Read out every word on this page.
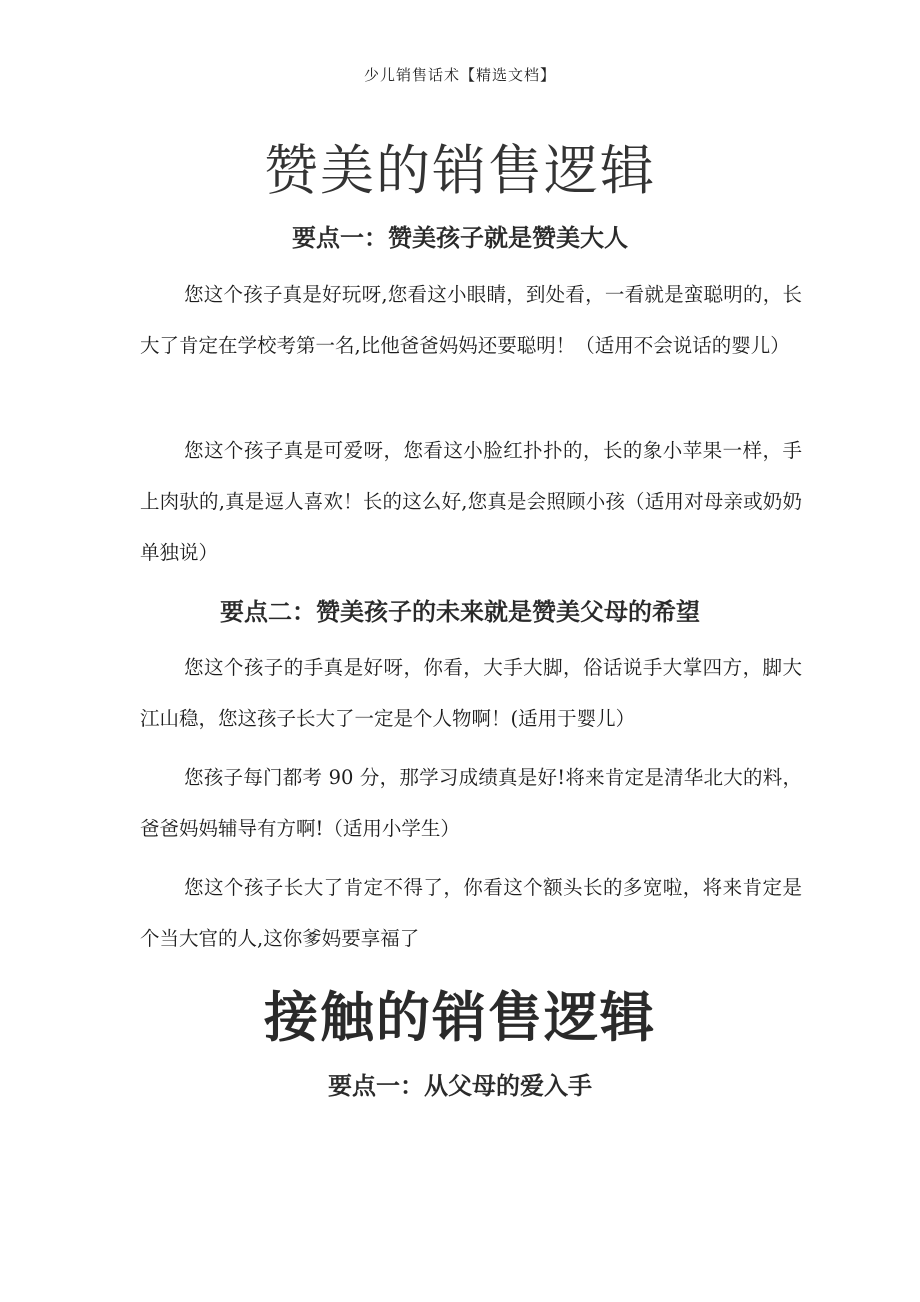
少儿销售话术【精选文档】
赞美的销售逻辑
要点一：赞美孩子就是赞美大人

您这个孩子真是好玩呀,您看这小眼睛，到处看，一看就是蛮聪明的，长大了肯定在学校考第一名,比他爸爸妈妈还要聪明！（适用不会说话的婴儿）

您这个孩子真是可爱呀，您看这小脸红扑扑的，长的象小苹果一样，手上肉驮的,真是逗人喜欢！长的这么好,您真是会照顾小孩（适用对母亲或奶奶单独说）

要点二：赞美孩子的未来就是赞美父母的希望

您这个孩子的手真是好呀，你看，大手大脚，俗话说手大掌四方，脚大江山稳，您这孩子长大了一定是个人物啊！(适用于婴儿）

您孩子每门都考 90 分，那学习成绩真是好!将来肯定是清华北大的料，爸爸妈妈辅导有方啊!（适用小学生）

您这个孩子长大了肯定不得了，你看这个额头长的多宽啦，将来肯定是个当大官的人,这你爹妈要享福了

接触的销售逻辑
要点一：从父母的爱入手
